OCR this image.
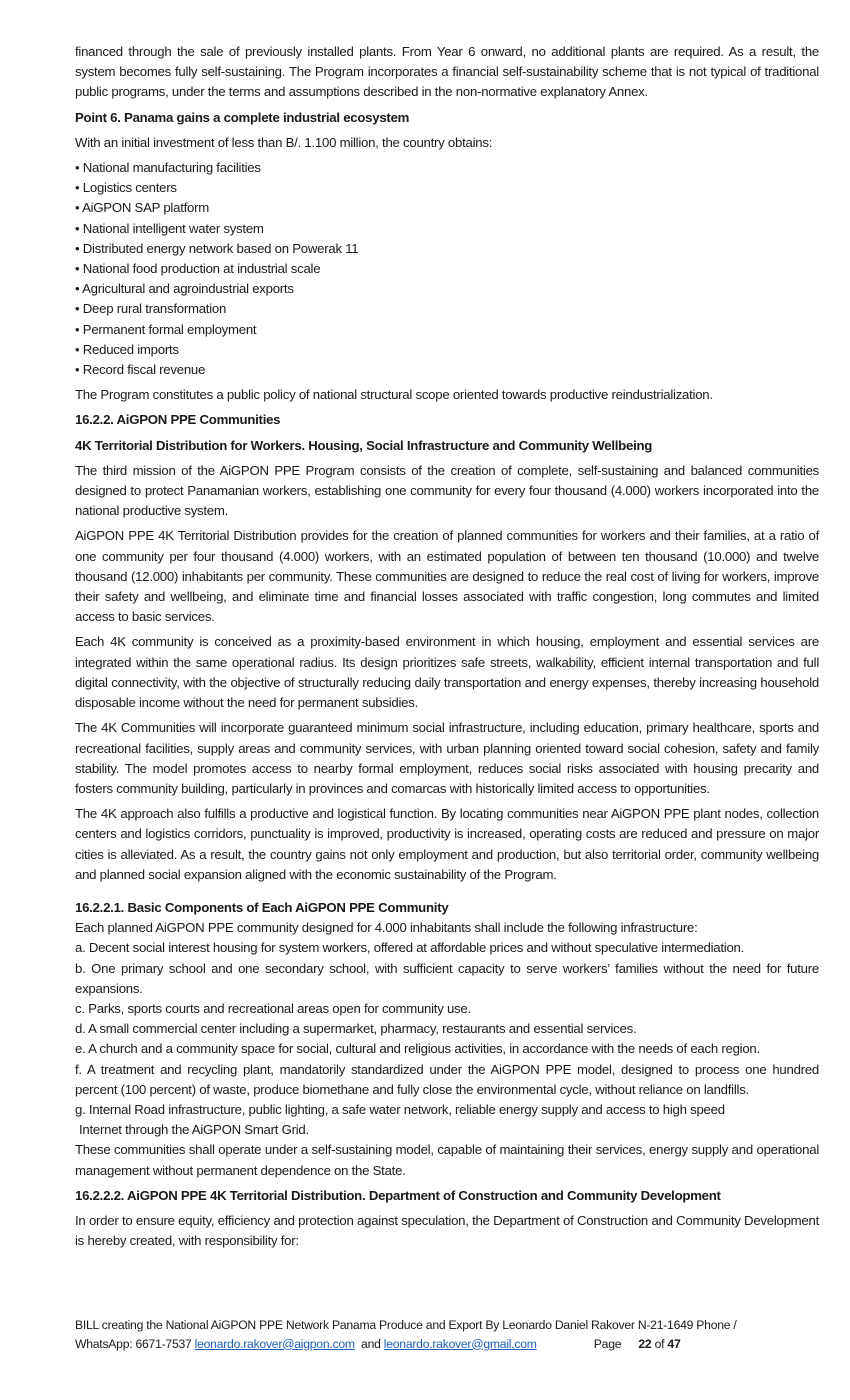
financed through the sale of previously installed plants. From Year 6 onward, no additional plants are required. As a result, the system becomes fully self-sustaining. The Program incorporates a financial self-sustainability scheme that is not typical of traditional public programs, under the terms and assumptions described in the non-normative explanatory Annex.

Point 6. Panama gains a complete industrial ecosystem

With an initial investment of less than B/. 1.100 million, the country obtains:

• National manufacturing facilities
• Logistics centers
• AiGPON SAP platform
• National intelligent water system
• Distributed energy network based on Powerak 11
• National food production at industrial scale
• Agricultural and agroindustrial exports
• Deep rural transformation
• Permanent formal employment
• Reduced imports
• Record fiscal revenue

The Program constitutes a public policy of national structural scope oriented towards productive reindustrialization.

16.2.2. AiGPON PPE Communities

4K Territorial Distribution for Workers. Housing, Social Infrastructure and Community Wellbeing

The third mission of the AiGPON PPE Program consists of the creation of complete, self-sustaining and balanced communities designed to protect Panamanian workers, establishing one community for every four thousand (4.000) workers incorporated into the national productive system.

AiGPON PPE 4K Territorial Distribution provides for the creation of planned communities for workers and their families, at a ratio of one community per four thousand (4.000) workers, with an estimated population of between ten thousand (10.000) and twelve thousand (12.000) inhabitants per community. These communities are designed to reduce the real cost of living for workers, improve their safety and wellbeing, and eliminate time and financial losses associated with traffic congestion, long commutes and limited access to basic services.

Each 4K community is conceived as a proximity-based environment in which housing, employment and essential services are integrated within the same operational radius. Its design prioritizes safe streets, walkability, efficient internal transportation and full digital connectivity, with the objective of structurally reducing daily transportation and energy expenses, thereby increasing household disposable income without the need for permanent subsidies.

The 4K Communities will incorporate guaranteed minimum social infrastructure, including education, primary healthcare, sports and recreational facilities, supply areas and community services, with urban planning oriented toward social cohesion, safety and family stability. The model promotes access to nearby formal employment, reduces social risks associated with housing precarity and fosters community building, particularly in provinces and comarcas with historically limited access to opportunities.

The 4K approach also fulfills a productive and logistical function. By locating communities near AiGPON PPE plant nodes, collection centers and logistics corridors, punctuality is improved, productivity is increased, operating costs are reduced and pressure on major cities is alleviated. As a result, the country gains not only employment and production, but also territorial order, community wellbeing and planned social expansion aligned with the economic sustainability of the Program.

16.2.2.1. Basic Components of Each AiGPON PPE Community

Each planned AiGPON PPE community designed for 4.000 inhabitants shall include the following infrastructure:

a. Decent social interest housing for system workers, offered at affordable prices and without speculative intermediation.

b. One primary school and one secondary school, with sufficient capacity to serve workers’ families without the need for future expansions.

c. Parks, sports courts and recreational areas open for community use.

d. A small commercial center including a supermarket, pharmacy, restaurants and essential services.

e. A church and a community space for social, cultural and religious activities, in accordance with the needs of each region.

f. A treatment and recycling plant, mandatorily standardized under the AiGPON PPE model, designed to process one hundred percent (100 percent) of waste, produce biomethane and fully close the environmental cycle, without reliance on landfills.

g. Internal Road infrastructure, public lighting, a safe water network, reliable energy supply and access to high speed

Internet through the AiGPON Smart Grid.

These communities shall operate under a self-sustaining model, capable of maintaining their services, energy supply and operational management without permanent dependence on the State.

16.2.2.2. AiGPON PPE 4K Territorial Distribution. Department of Construction and Community Development

In order to ensure equity, efficiency and protection against speculation, the Department of Construction and Community Development is hereby created, with responsibility for:

BILL creating the National AiGPON PPE Network Panama Produce and Export By Leonardo Daniel Rakover N-21-1649 Phone /
WhatsApp: 6671-7537 leonardo.rakover@aigpon.com and leonardo.rakover@gmail.com	Page 22 of 47
